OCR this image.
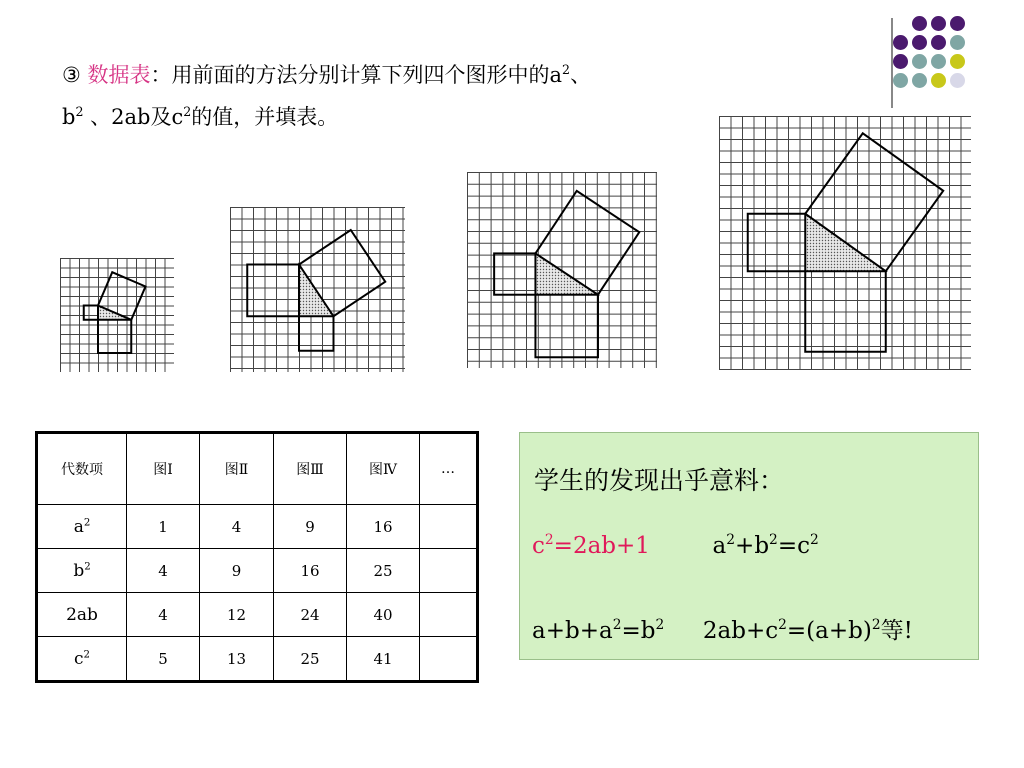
③ 数据表：用前面的方法分别计算下列四个图形中的$a^2$、
$b^2$ 、2ab及$c^2$的值，并填表。
代数项	图Ⅰ	图Ⅱ	图Ⅲ	图Ⅳ	…
$a^2$	1	4	9	16	
$b^2$	4	9	16	25	
2ab	4	12	24	40	
$c^2$	5	13	25	41	
学生的发现出乎意料：
$c^2=2ab+1$	$a^2+b^2=c^2$
$a+b+a^2=b^2$ $2ab+c^2=(a+b)^2$等!
